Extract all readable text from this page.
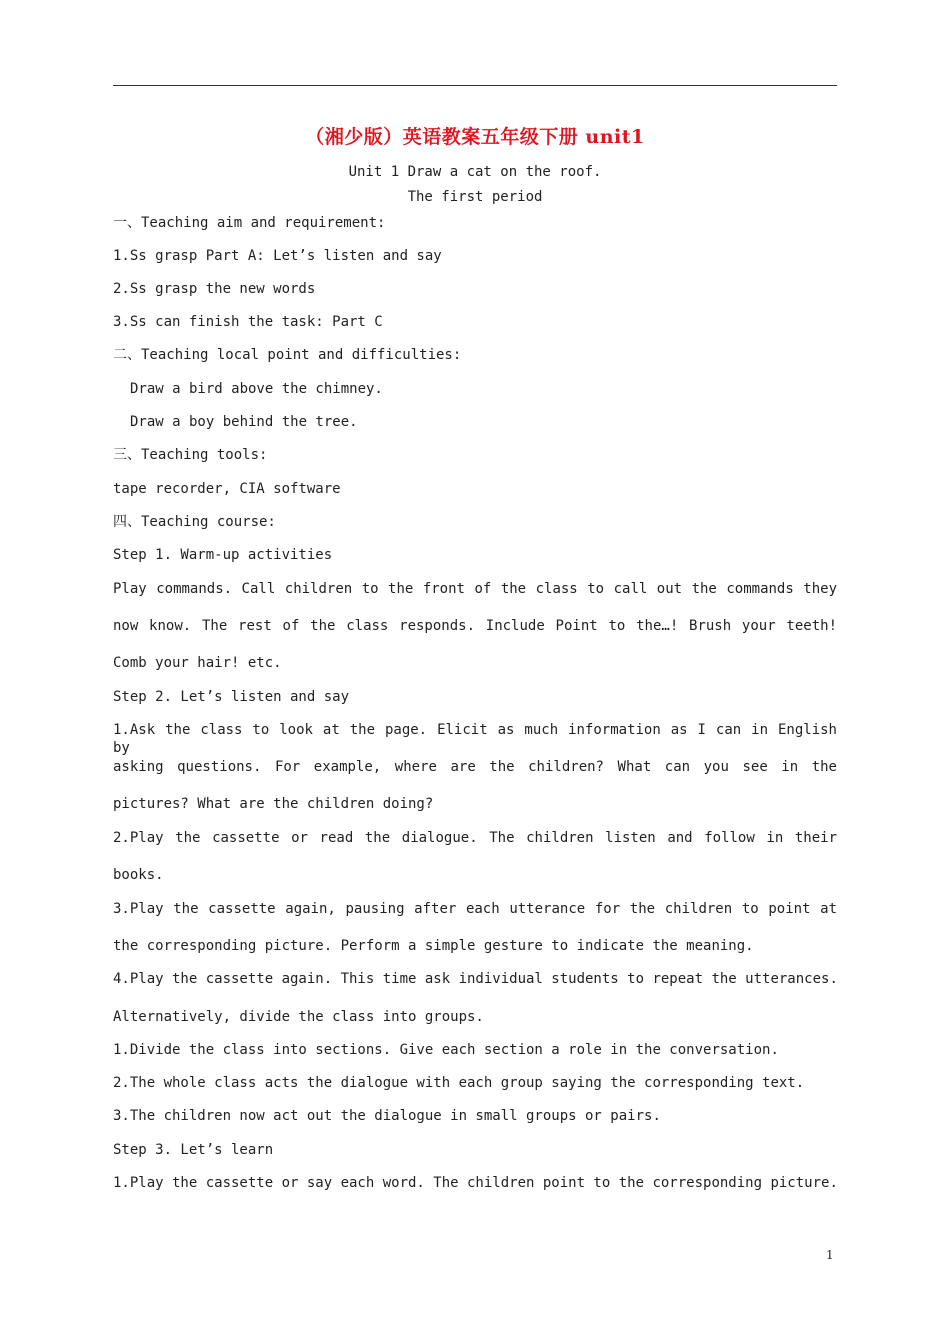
（湘少版）英语教案五年级下册 unit1
Unit 1 Draw a cat on the roof.
The first period
一、Teaching aim and requirement:
1.Ss grasp Part A: Let’s listen and say
2.Ss grasp the new words
3.Ss can finish the task: Part C
二、Teaching local point and difficulties:
Draw a bird above the chimney.
Draw a boy behind the tree.
三、Teaching tools:
tape recorder, CIA software
四、Teaching course:
Step 1. Warm-up activities
Play commands. Call children to the front of the class to call out the commands they
now know. The rest of the class responds. Include Point to the…! Brush your teeth!
Comb your hair! etc.
Step 2. Let’s listen and say
1.Ask the class to look at the page. Elicit as much information as I can in English by
asking questions. For example, where are the children? What can you see in the
pictures? What are the children doing?
2.Play the cassette or read the dialogue. The children listen and follow in their
books.
3.Play the cassette again, pausing after each utterance for the children to point at
the corresponding picture. Perform a simple gesture to indicate the meaning.
4.Play the cassette again. This time ask individual students to repeat the utterances.
Alternatively, divide the class into groups.
1.Divide the class into sections. Give each section a role in the conversation.
2.The whole class acts the dialogue with each group saying the corresponding text.
3.The children now act out the dialogue in small groups or pairs.
Step 3. Let’s learn
1.Play the cassette or say each word. The children point to the corresponding picture.
1
